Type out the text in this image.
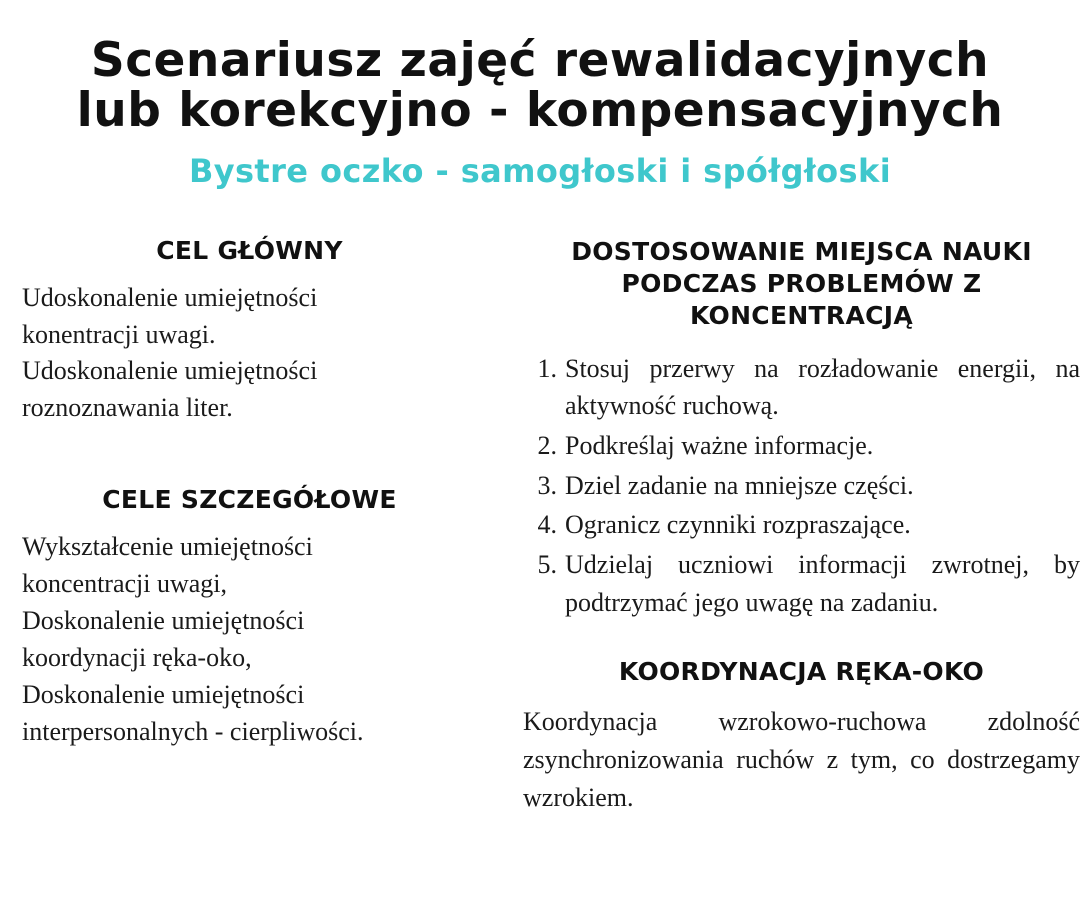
Scenariusz zajęć rewalidacyjnych
lub korekcyjno - kompensacyjnych
Bystre oczko - samogłoski i spółgłoski
CEL GŁÓWNY
Udoskonalenie umiejętności
konentracji uwagi.
Udoskonalenie umiejętności
roznoznawania liter.
CELE SZCZEGÓŁOWE
Wykształcenie umiejętności
koncentracji uwagi,
Doskonalenie umiejętności
koordynacji ręka-oko,
Doskonalenie umiejętności
interpersonalnych - cierpliwości.
DOSTOSOWANIE MIEJSCA NAUKI
PODCZAS PROBLEMÓW Z
KONCENTRACJĄ
1. Stosuj przerwy na rozładowanie energii, na aktywność ruchową.
2. Podkreślaj ważne informacje.
3. Dziel zadanie na mniejsze części.
4. Ogranicz czynniki rozpraszające.
5. Udzielaj uczniowi informacji zwrotnej, by podtrzymać jego uwagę na zadaniu.
KOORDYNACJA RĘKA-OKO
Koordynacja wzrokowo-ruchowa zdolność zsynchronizowania ruchów z tym, co dostrzegamy wzrokiem.
